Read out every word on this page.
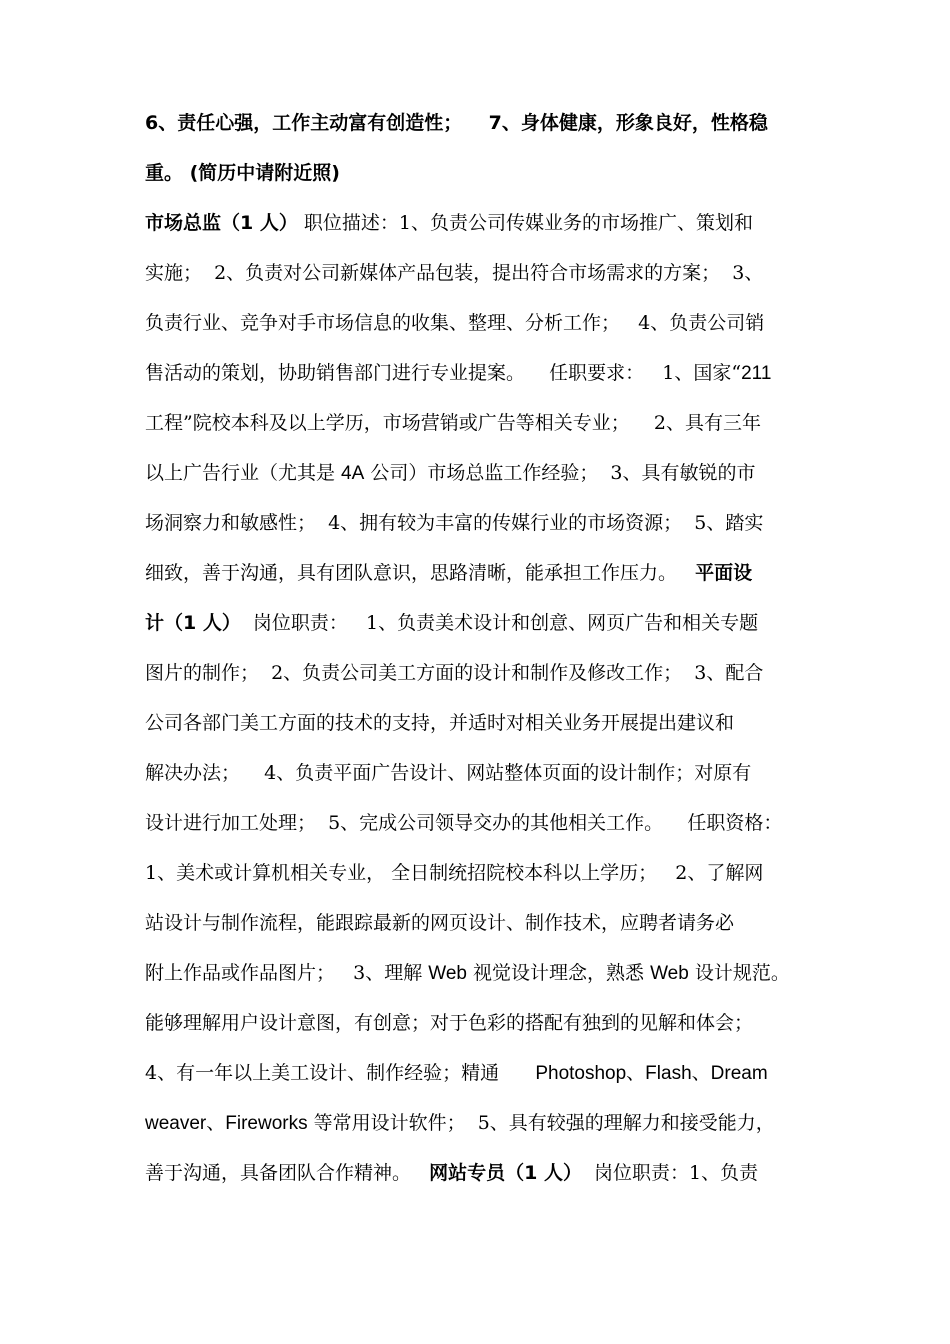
6、责任心强，工作主动富有创造性；    7、身体健康，形象良好，性格稳
重。 (简历中请附近照)
市场总监（1 人） 职位描述：1、负责公司传媒业务的市场推广、策划和
实施；  2、负责对公司新媒体产品包装，提出符合市场需求的方案；  3、
负责行业、竞争对手市场信息的收集、整理、分析工作；   4、负责公司销
售活动的策划，协助销售部门进行专业提案。    任职要求：   1、国家“211
工程”院校本科及以上学历，市场营销或广告等相关专业；    2、具有三年
以上广告行业（尤其是 4A 公司）市场总监工作经验；  3、具有敏锐的市
场洞察力和敏感性；  4、拥有较为丰富的传媒行业的市场资源；  5、踏实
细致，善于沟通，具有团队意识，思路清晰，能承担工作压力。   平面设
计（1 人）  岗位职责：   1、负责美术设计和创意、网页广告和相关专题
图片的制作；  2、负责公司美工方面的设计和制作及修改工作；  3、配合
公司各部门美工方面的技术的支持，并适时对相关业务开展提出建议和
解决办法；    4、负责平面广告设计、网站整体页面的设计制作；对原有
设计进行加工处理；  5、完成公司领导交办的其他相关工作。    任职资格：
1、美术或计算机相关专业， 全日制统招院校本科以上学历；   2、了解网
站设计与制作流程，能跟踪最新的网页设计、制作技术，应聘者请务必
附上作品或作品图片；   3、理解 Web 视觉设计理念，熟悉 Web 设计规范。
能够理解用户设计意图，有创意；对于色彩的搭配有独到的见解和体会；
4、有一年以上美工设计、制作经验；精通      Photoshop、Flash、Dream
weaver、Fireworks 等常用设计软件；  5、具有较强的理解力和接受能力，
善于沟通，具备团队合作精神。   网站专员（1 人）  岗位职责：1、负责
